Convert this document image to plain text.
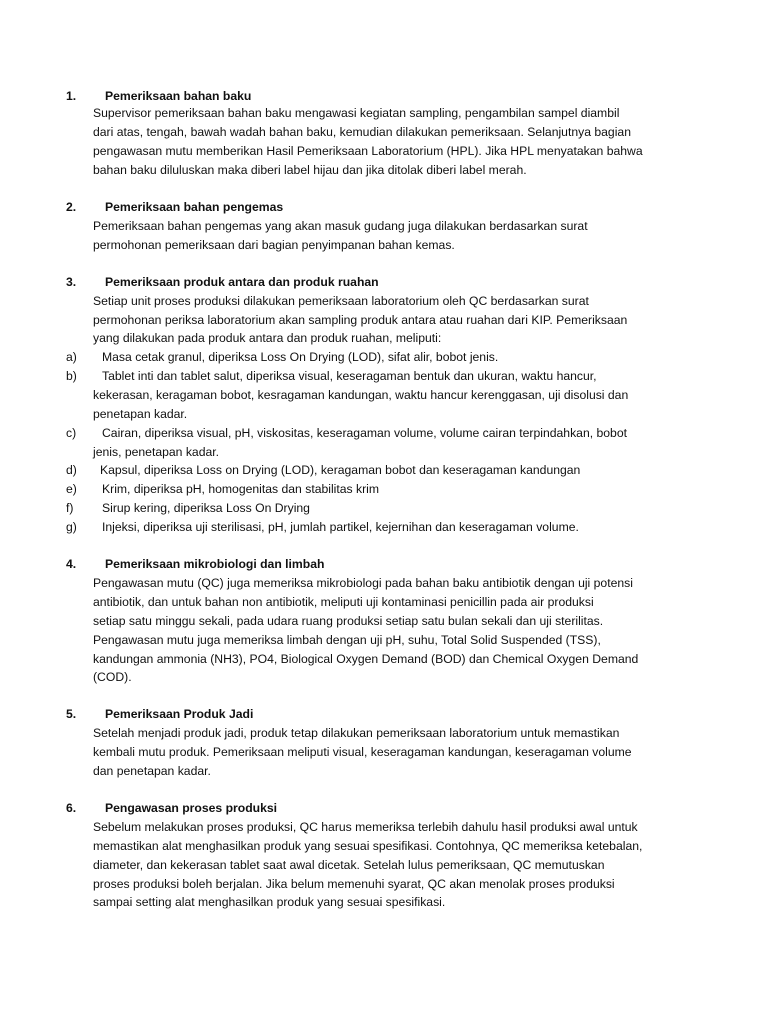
1. Pemeriksaan bahan baku
Supervisor pemeriksaan bahan baku mengawasi kegiatan sampling, pengambilan sampel diambil
dari atas, tengah, bawah wadah bahan baku, kemudian dilakukan pemeriksaan. Selanjutnya bagian
pengawasan mutu memberikan Hasil Pemeriksaan Laboratorium (HPL). Jika HPL menyatakan bahwa
bahan baku diluluskan maka diberi label hijau dan jika ditolak diberi label merah.
2. Pemeriksaan bahan pengemas
Pemeriksaan bahan pengemas yang akan masuk gudang juga dilakukan berdasarkan surat
permohonan pemeriksaan dari bagian penyimpanan bahan kemas.
3. Pemeriksaan produk antara dan produk ruahan
Setiap unit proses produksi dilakukan pemeriksaan laboratorium oleh QC berdasarkan surat
permohonan periksa laboratorium akan sampling produk antara atau ruahan dari KIP. Pemeriksaan
yang dilakukan pada produk antara dan produk ruahan, meliputi:
a) Masa cetak granul, diperiksa Loss On Drying (LOD), sifat alir, bobot jenis.
b) Tablet inti dan tablet salut, diperiksa visual, keseragaman bentuk dan ukuran, waktu hancur,
kekerasan, keragaman bobot, kesragaman kandungan, waktu hancur kerenggasan, uji disolusi dan
penetapan kadar.
c) Cairan, diperiksa visual, pH, viskositas, keseragaman volume, volume cairan terpindahkan, bobot
jenis, penetapan kadar.
d) Kapsul, diperiksa Loss on Drying (LOD), keragaman bobot dan keseragaman kandungan
e) Krim, diperiksa pH, homogenitas dan stabilitas krim
f) Sirup kering, diperiksa Loss On Drying
g) Injeksi, diperiksa uji sterilisasi, pH, jumlah partikel, kejernihan dan keseragaman volume.
4. Pemeriksaan mikrobiologi dan limbah
Pengawasan mutu (QC) juga memeriksa mikrobiologi pada bahan baku antibiotik dengan uji potensi
antibiotik, dan untuk bahan non antibiotik, meliputi uji kontaminasi penicillin pada air produksi
setiap satu minggu sekali, pada udara ruang produksi setiap satu bulan sekali dan uji sterilitas.
Pengawasan mutu juga memeriksa limbah dengan uji pH, suhu, Total Solid Suspended (TSS),
kandungan ammonia (NH3), PO4, Biological Oxygen Demand (BOD) dan Chemical Oxygen Demand
(COD).
5. Pemeriksaan Produk Jadi
Setelah menjadi produk jadi, produk tetap dilakukan pemeriksaan laboratorium untuk memastikan
kembali mutu produk. Pemeriksaan meliputi visual, keseragaman kandungan, keseragaman volume
dan penetapan kadar.
6. Pengawasan proses produksi
Sebelum melakukan proses produksi, QC harus memeriksa terlebih dahulu hasil produksi awal untuk
memastikan alat menghasilkan produk yang sesuai spesifikasi. Contohnya, QC memeriksa ketebalan,
diameter, dan kekerasan tablet saat awal dicetak. Setelah lulus pemeriksaan, QC memutuskan
proses produksi boleh berjalan. Jika belum memenuhi syarat, QC akan menolak proses produksi
sampai setting alat menghasilkan produk yang sesuai spesifikasi.
